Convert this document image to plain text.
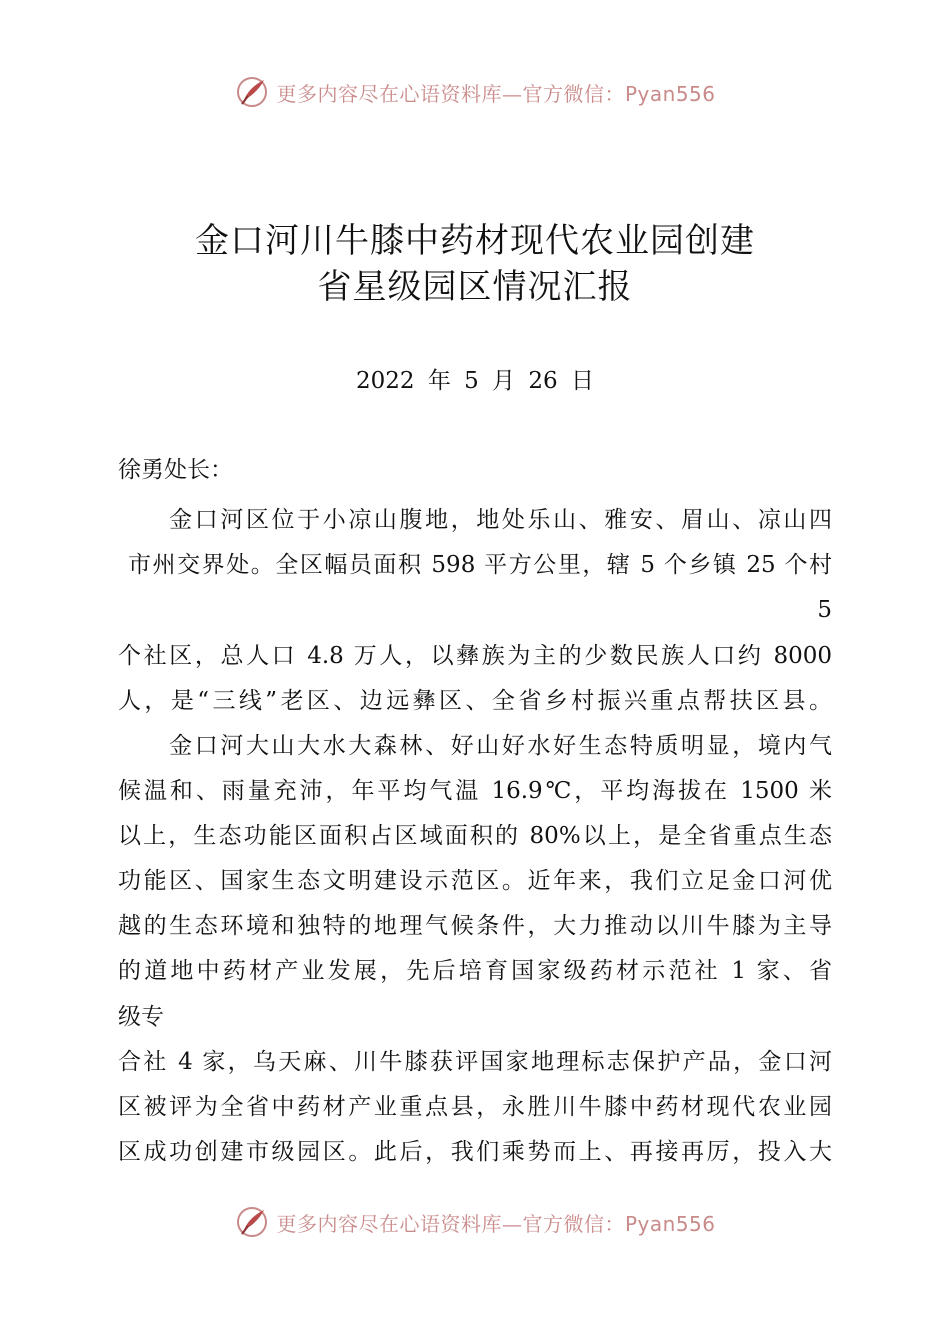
更多内容尽在心语资料库—官方微信：Pyan556
金口河川牛膝中药材现代农业园创建
省星级园区情况汇报
2022 年 5 月 26 日
徐勇处长：
　　金口河区位于小凉山腹地，地处乐山、雅安、眉山、凉山四
市州交界处。全区幅员面积 598 平方公里，辖 5 个乡镇 25 个村
5
个社区，总人口 4.8 万人，以彝族为主的少数民族人口约 8000
人，是“三线”老区、边远彝区、全省乡村振兴重点帮扶区县。
　　金口河大山大水大森林、好山好水好生态特质明显，境内气
候温和、雨量充沛，年平均气温 16.9℃，平均海拔在 1500 米
以上，生态功能区面积占区域面积的 80%以上，是全省重点生态
功能区、国家生态文明建设示范区。近年来，我们立足金口河优
越的生态环境和独特的地理气候条件，大力推动以川牛膝为主导
的道地中药材产业发展，先后培育国家级药材示范社 1 家、省
级专
合社 4 家，乌天麻、川牛膝获评国家地理标志保护产品，金口河
区被评为全省中药材产业重点县，永胜川牛膝中药材现代农业园
区成功创建市级园区。此后，我们乘势而上、再接再厉，投入大
更多内容尽在心语资料库—官方微信：Pyan556
